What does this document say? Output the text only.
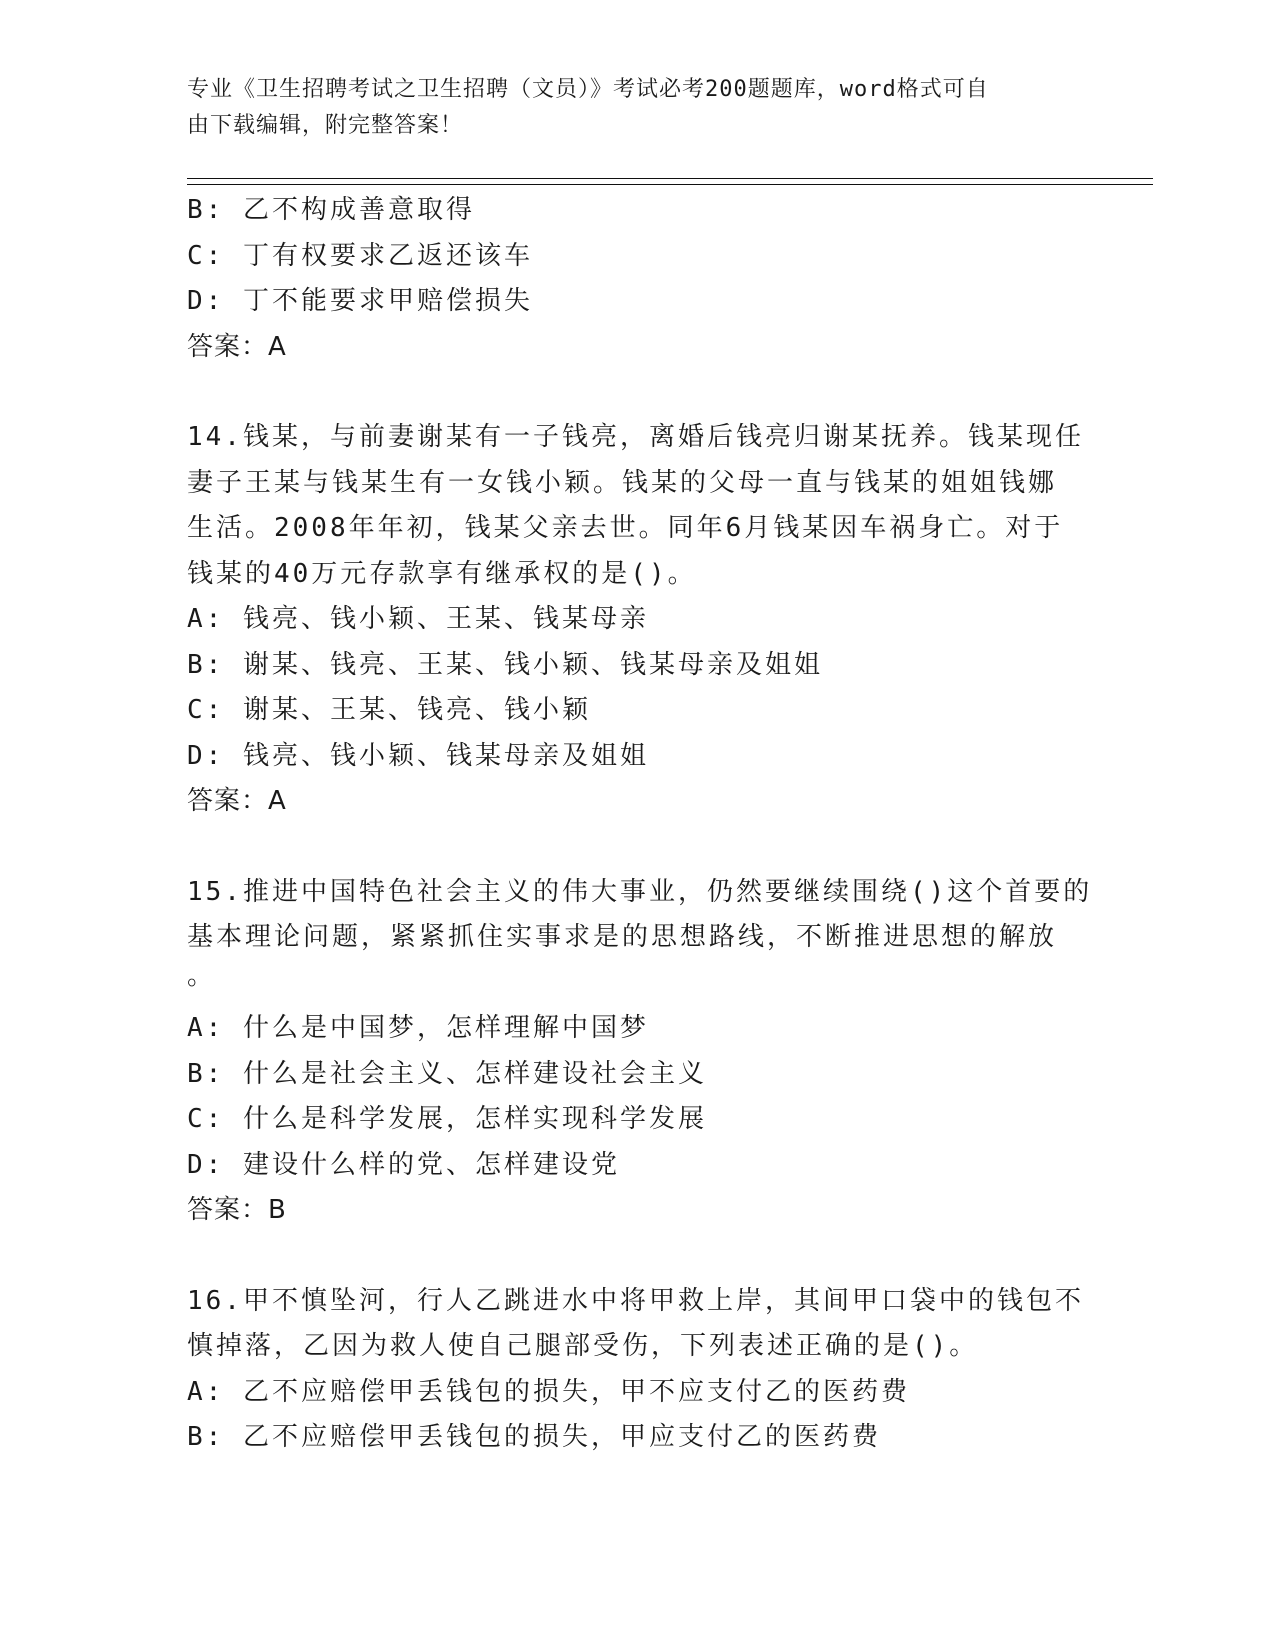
专业《卫生招聘考试之卫生招聘（文员）》考试必考200题题库，word格式可自
由下载编辑，附完整答案！
B: 乙不构成善意取得
C: 丁有权要求乙返还该车
D: 丁不能要求甲赔偿损失
答案：A
14.钱某，与前妻谢某有一子钱亮，离婚后钱亮归谢某抚养。钱某现任
妻子王某与钱某生有一女钱小颖。钱某的父母一直与钱某的姐姐钱娜
生活。2008年年初，钱某父亲去世。同年6月钱某因车祸身亡。对于
钱某的40万元存款享有继承权的是()。
A: 钱亮、钱小颖、王某、钱某母亲
B: 谢某、钱亮、王某、钱小颖、钱某母亲及姐姐
C: 谢某、王某、钱亮、钱小颖
D: 钱亮、钱小颖、钱某母亲及姐姐
答案：A
15.推进中国特色社会主义的伟大事业，仍然要继续围绕()这个首要的
基本理论问题，紧紧抓住实事求是的思想路线，不断推进思想的解放
。
A: 什么是中国梦，怎样理解中国梦
B: 什么是社会主义、怎样建设社会主义
C: 什么是科学发展，怎样实现科学发展
D: 建设什么样的党、怎样建设党
答案：B
16.甲不慎坠河，行人乙跳进水中将甲救上岸，其间甲口袋中的钱包不
慎掉落，乙因为救人使自己腿部受伤，下列表述正确的是()。
A: 乙不应赔偿甲丢钱包的损失，甲不应支付乙的医药费
B: 乙不应赔偿甲丢钱包的损失，甲应支付乙的医药费
